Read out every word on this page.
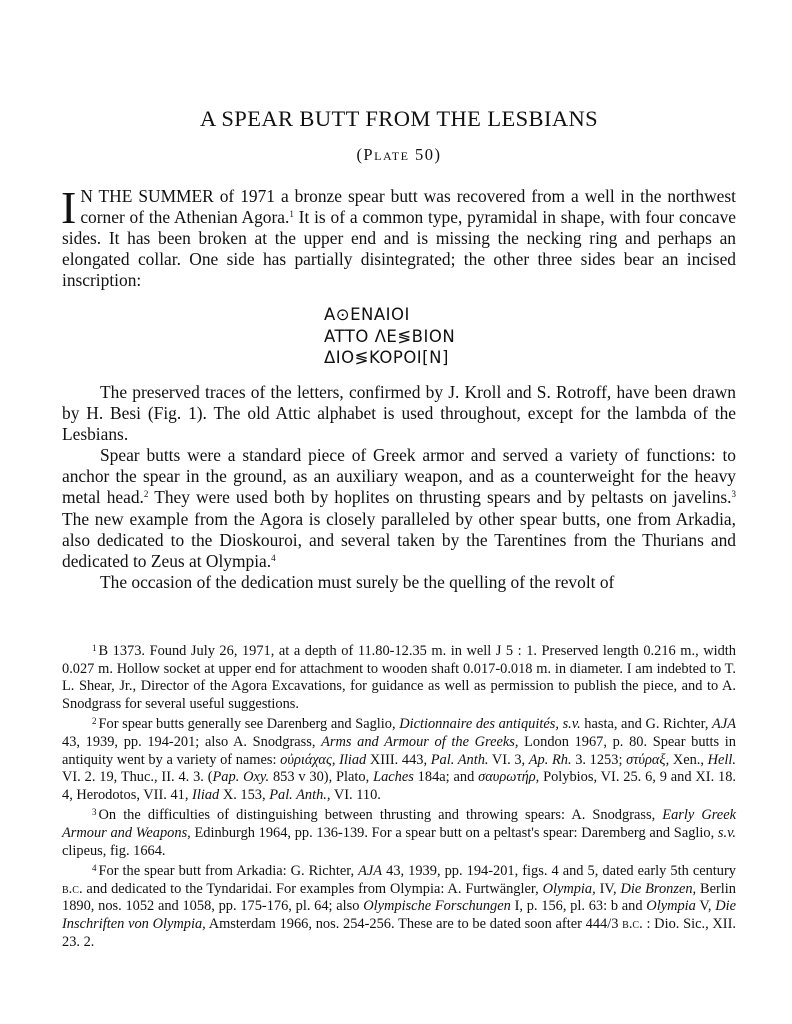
A SPEAR BUTT FROM THE LESBIANS
(Plate 50)
I N THE SUMMER of 1971 a bronze spear butt was recovered from a well in the northwest corner of the Athenian Agora.$^1$ It is of a common type, pyramidal in shape, with four concave sides. It has been broken at the upper end and is missing the necking ring and perhaps an elongated collar. One side has partially disintegrated; the other three sides bear an incised inscription:
A⊙ENAIOI
ATTO ΛE≶BION
ΔIO≶KOPOI[N]

The preserved traces of the letters, confirmed by J. Kroll and S. Rotroff, have been drawn by H. Besi (Fig. 1). The old Attic alphabet is used throughout, except for the lambda of the Lesbians.

Spear butts were a standard piece of Greek armor and served a variety of functions: to anchor the spear in the ground, as an auxiliary weapon, and as a counterweight for the heavy metal head.$^2$ They were used both by hoplites on thrusting spears and by peltasts on javelins.$^3$ The new example from the Agora is closely paralleled by other spear butts, one from Arkadia, also dedicated to the Dioskouroi, and several taken by the Tarentines from the Thurians and dedicated to Zeus at Olympia.$^4$

The occasion of the dedication must surely be the quelling of the revolt of

$^1$ B 1373. Found July 26, 1971, at a depth of 11.80-12.35 m. in well J 5 : 1. Preserved length 0.216 m., width 0.027 m. Hollow socket at upper end for attachment to wooden shaft 0.017-0.018 m. in diameter. I am indebted to T. L. Shear, Jr., Director of the Agora Excavations, for guidance as well as permission to publish the piece, and to A. Snodgrass for several useful suggestions.

$^2$ For spear butts generally see Darenberg and Saglio, Dictionnaire des antiquités, s.v. hasta, and G. Richter, AJA 43, 1939, pp. 194-201; also A. Snodgrass, Arms and Armour of the Greeks, London 1967, p. 80. Spear butts in antiquity went by a variety of names: οὐριάχας, Iliad XIII. 443, Pal. Anth. VI. 3, Ap. Rh. 3. 1253; στύραξ, Xen., Hell. VI. 2. 19, Thuc., II. 4. 3. (Pap. Oxy. 853 v 30), Plato, Laches 184a; and σαυρωτήρ, Polybios, VI. 25. 6, 9 and XI. 18. 4, Herodotos, VII. 41, Iliad X. 153, Pal. Anth., VI. 110.

$^3$ On the difficulties of distinguishing between thrusting and throwing spears: A. Snodgrass, Early Greek Armour and Weapons, Edinburgh 1964, pp. 136-139. For a spear butt on a peltast's spear: Daremberg and Saglio, s.v. clipeus, fig. 1664.

$^4$ For the spear butt from Arkadia: G. Richter, AJA 43, 1939, pp. 194-201, figs. 4 and 5, dated early 5th century b.c. and dedicated to the Tyndaridai. For examples from Olympia: A. Furtwängler, Olympia, IV, Die Bronzen, Berlin 1890, nos. 1052 and 1058, pp. 175-176, pl. 64; also Olympische Forschungen I, p. 156, pl. 63: b and Olympia V, Die Inschriften von Olympia, Amsterdam 1966, nos. 254-256. These are to be dated soon after 444/3 b.c. : Dio. Sic., XII. 23. 2.
